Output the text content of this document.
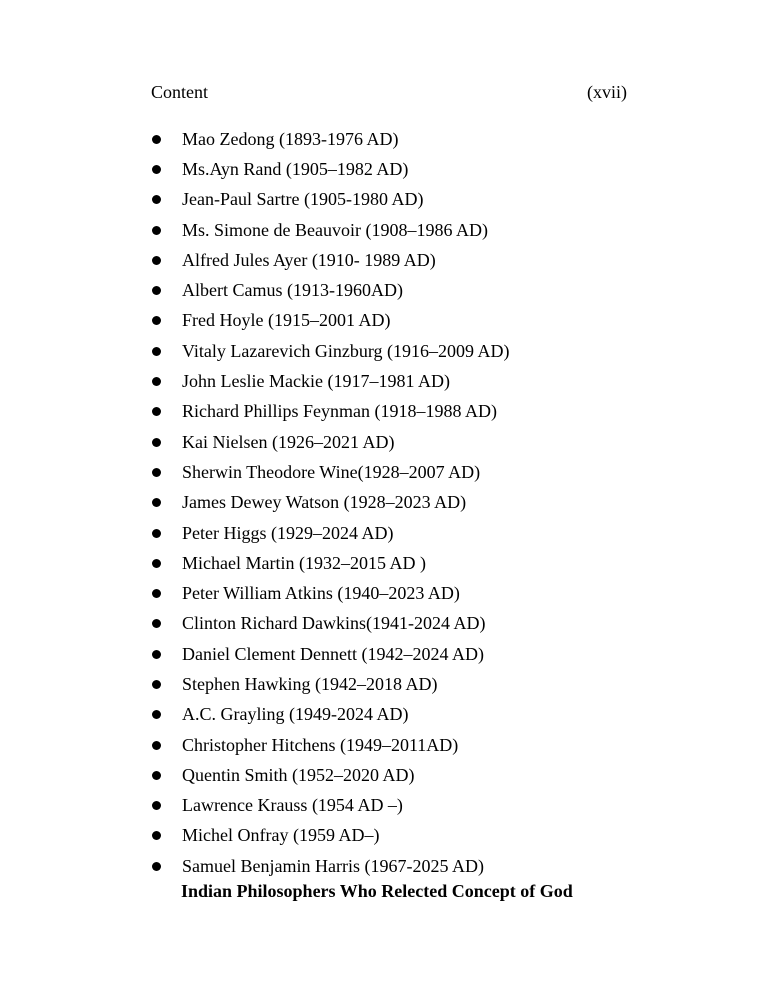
Content	(xvii)
Mao Zedong (1893-1976 AD)
Ms.Ayn Rand (1905–1982 AD)
Jean-Paul Sartre (1905-1980 AD)
Ms. Simone de Beauvoir (1908–1986 AD)
Alfred Jules Ayer (1910- 1989 AD)
Albert Camus (1913-1960AD)
Fred Hoyle (1915–2001 AD)
Vitaly Lazarevich Ginzburg (1916–2009 AD)
John Leslie Mackie (1917–1981 AD)
Richard Phillips Feynman (1918–1988 AD)
Kai Nielsen (1926–2021 AD)
Sherwin Theodore Wine(1928–2007 AD)
James Dewey Watson (1928–2023 AD)
Peter Higgs (1929–2024 AD)
Michael Martin (1932–2015 AD )
Peter William Atkins (1940–2023 AD)
Clinton Richard Dawkins(1941-2024 AD)
Daniel Clement Dennett (1942–2024 AD)
Stephen Hawking (1942–2018 AD)
A.C. Grayling (1949-2024 AD)
Christopher Hitchens (1949–2011AD)
Quentin Smith (1952–2020 AD)
Lawrence Krauss (1954 AD –)
Michel Onfray (1959 AD–)
Samuel Benjamin Harris (1967-2025 AD)
Indian Philosophers Who Relected Concept of God
